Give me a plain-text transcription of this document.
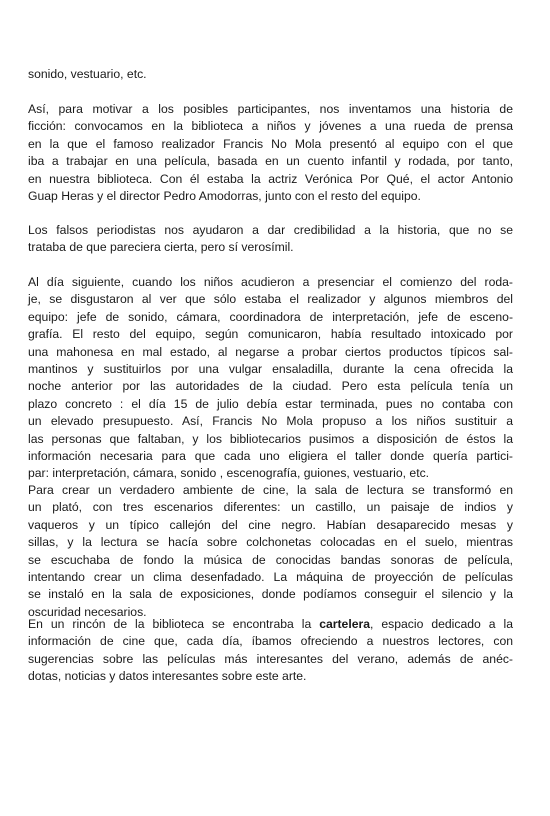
sonido, vestuario, etc.
Así, para motivar a los posibles participantes, nos inventamos una historia de
ficción: convocamos en la biblioteca a niños y jóvenes a una rueda de prensa
en la que el famoso realizador Francis No Mola presentó al equipo con el que
iba a trabajar en una película, basada en un cuento infantil y rodada, por tanto,
en nuestra biblioteca. Con él estaba la actriz Verónica Por Qué, el actor Antonio
Guap Heras y el director Pedro Amodorras, junto con el resto del equipo.
Los falsos periodistas nos ayudaron a dar credibilidad a la historia, que no se
trataba de que pareciera cierta, pero sí verosímil.
Al día siguiente, cuando los niños acudieron a presenciar el comienzo del roda-
je, se disgustaron al ver que sólo estaba el realizador y algunos miembros del
equipo: jefe de sonido, cámara, coordinadora de interpretación, jefe de esceno-
grafía. El resto del equipo, según comunicaron, había resultado intoxicado por
una mahonesa en mal estado, al negarse a probar ciertos productos típicos sal-
mantinos y sustituirlos por una vulgar ensaladilla, durante la cena ofrecida la
noche anterior por las autoridades de la ciudad. Pero esta película tenía un
plazo concreto : el día 15 de julio debía estar terminada, pues no contaba con
un elevado presupuesto. Así, Francis No Mola propuso a los niños sustituir a
las personas que faltaban, y los bibliotecarios pusimos a disposición de éstos la
información necesaria para que cada uno eligiera el taller donde quería partici-
par: interpretación, cámara, sonido , escenografía, guiones, vestuario, etc.
Para crear un verdadero ambiente de cine, la sala de lectura se transformó en
un plató, con tres escenarios diferentes: un castillo, un paisaje de indios y
vaqueros y un típico callejón del cine negro. Habían desaparecido mesas y
sillas, y la lectura se hacía sobre colchonetas colocadas en el suelo, mientras
se escuchaba de fondo la música de conocidas bandas sonoras de película,
intentando crear un clima desenfadado. La máquina de proyección de películas
se instaló en la sala de exposiciones, donde podíamos conseguir el silencio y la
oscuridad necesarios.
En un rincón de la biblioteca se encontraba la cartelera, espacio dedicado a la
información de cine que, cada día, íbamos ofreciendo a nuestros lectores, con
sugerencias sobre las películas más interesantes del verano, además de anéc-
dotas, noticias y datos interesantes sobre este arte.
